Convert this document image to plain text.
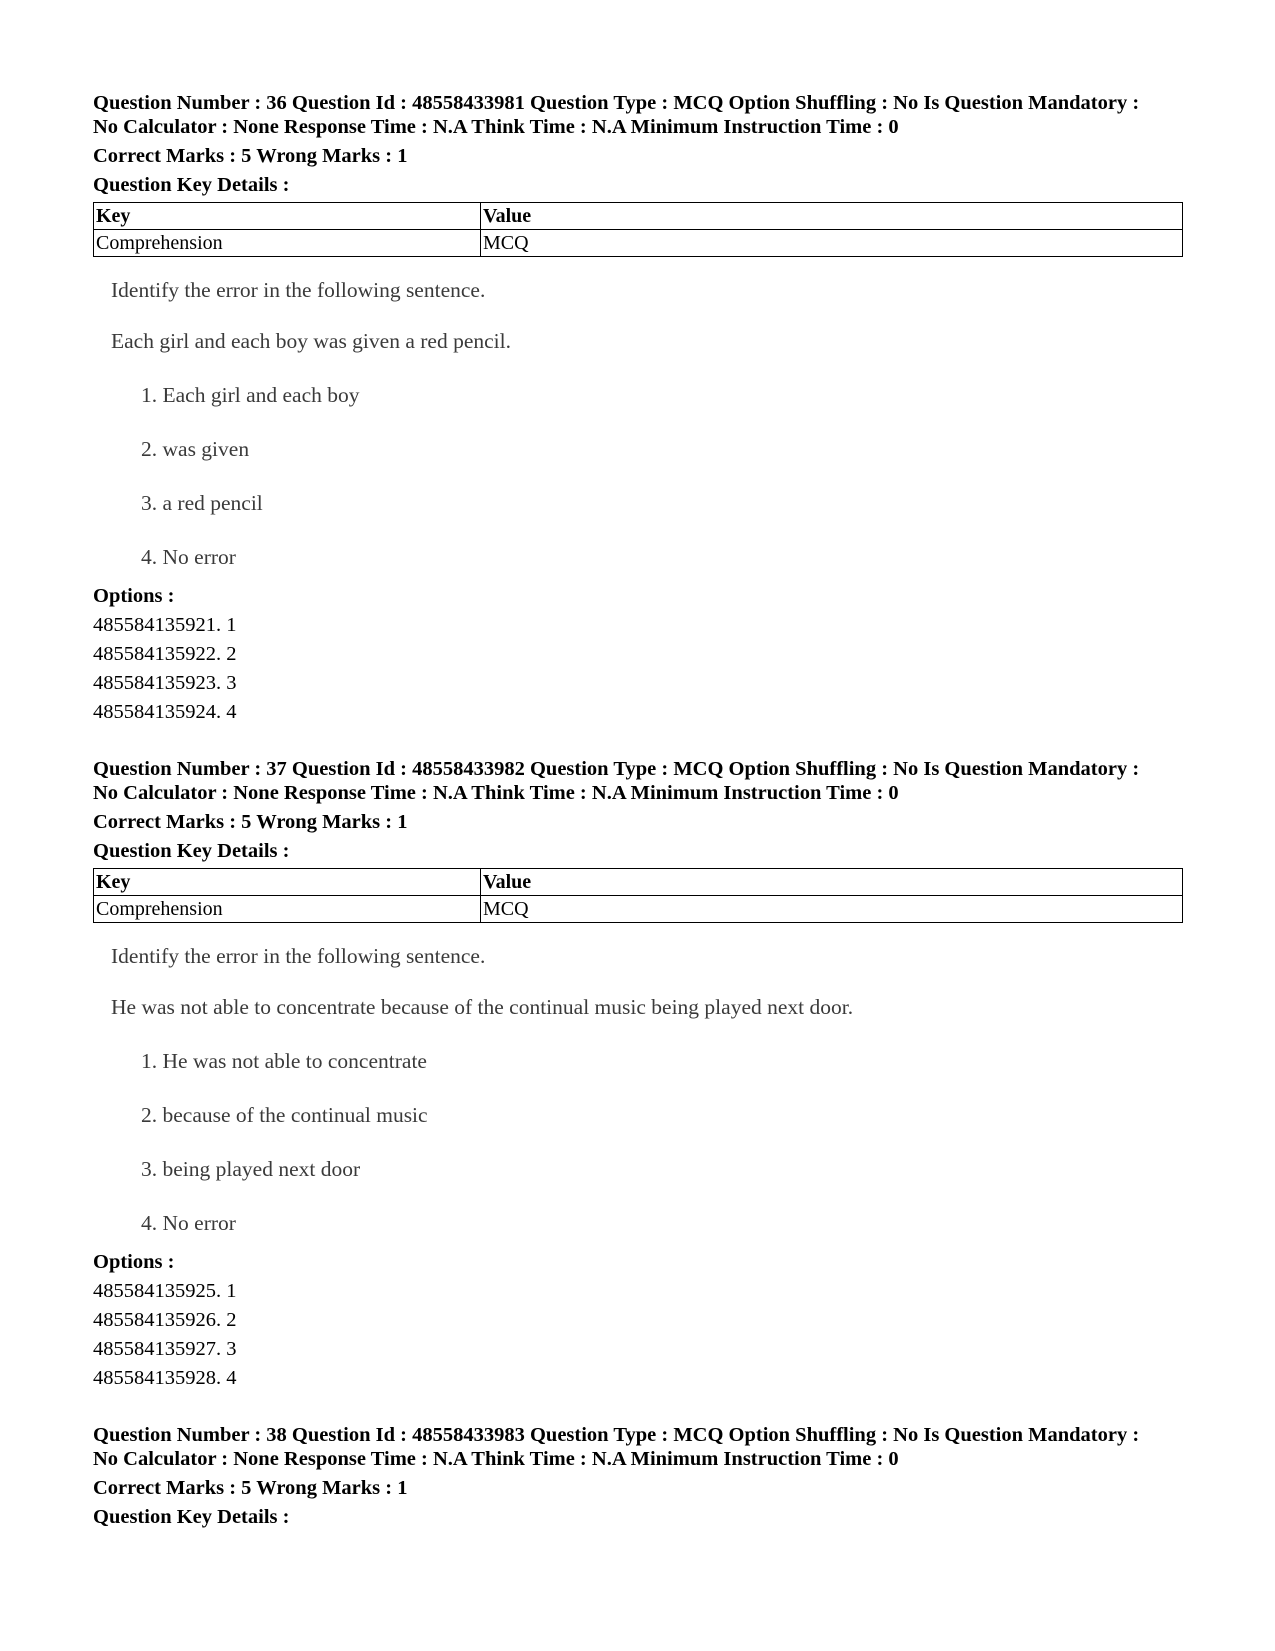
Question Number : 36 Question Id : 48558433981 Question Type : MCQ Option Shuffling : No Is Question Mandatory :
No Calculator : None Response Time : N.A Think Time : N.A Minimum Instruction Time : 0
Correct Marks : 5 Wrong Marks : 1
Question Key Details :
Key	Value
Comprehension	MCQ
Identify the error in the following sentence.
Each girl and each boy was given a red pencil.
1. Each girl and each boy
2. was given
3. a red pencil
4. No error
Options :
485584135921. 1
485584135922. 2
485584135923. 3
485584135924. 4
Question Number : 37 Question Id : 48558433982 Question Type : MCQ Option Shuffling : No Is Question Mandatory :
No Calculator : None Response Time : N.A Think Time : N.A Minimum Instruction Time : 0
Correct Marks : 5 Wrong Marks : 1
Question Key Details :
Key	Value
Comprehension	MCQ
Identify the error in the following sentence.
He was not able to concentrate because of the continual music being played next door.
1. He was not able to concentrate
2. because of the continual music
3. being played next door
4. No error
Options :
485584135925. 1
485584135926. 2
485584135927. 3
485584135928. 4
Question Number : 38 Question Id : 48558433983 Question Type : MCQ Option Shuffling : No Is Question Mandatory :
No Calculator : None Response Time : N.A Think Time : N.A Minimum Instruction Time : 0
Correct Marks : 5 Wrong Marks : 1
Question Key Details :
